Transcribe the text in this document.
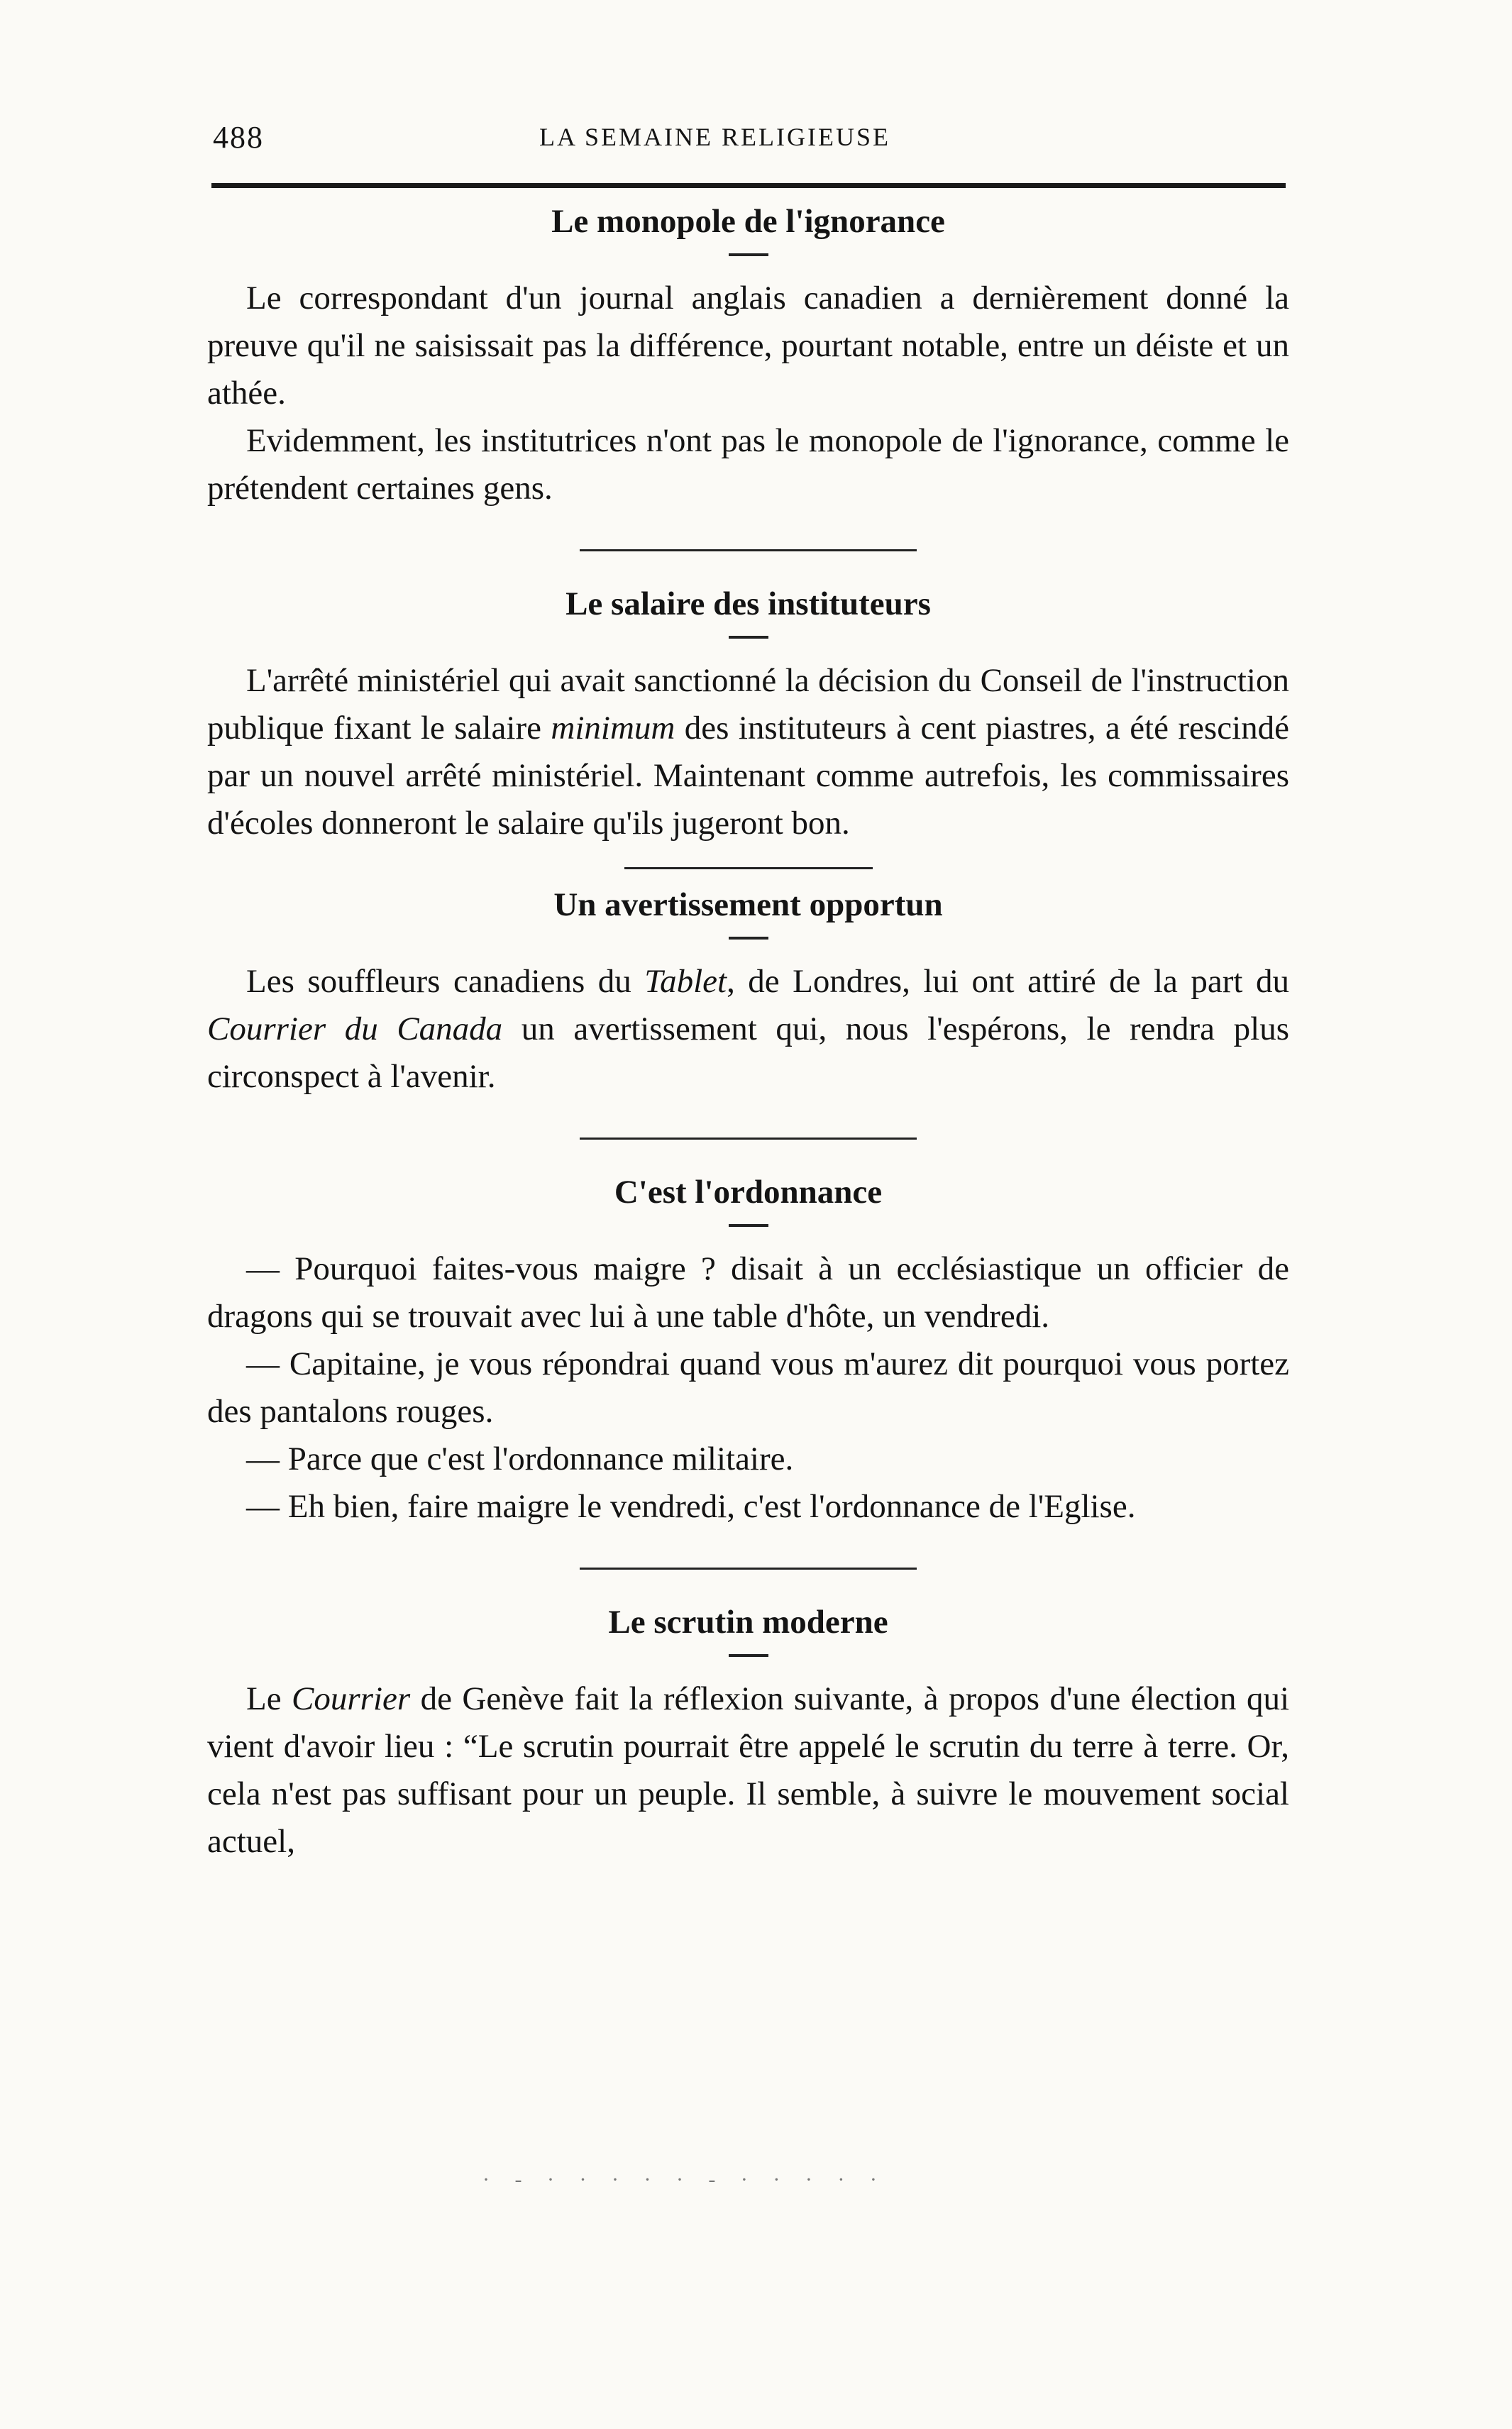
488	LA SEMAINE RELIGIEUSE
Le monopole de l'ignorance

Le correspondant d'un journal anglais canadien a dernièrement donné la preuve qu'il ne saisissait pas la différence, pourtant notable, entre un déiste et un athée.

Evidemment, les institutrices n'ont pas le monopole de l'ignorance, comme le prétendent certaines gens.

Le salaire des instituteurs

L'arrêté ministériel qui avait sanctionné la décision du Conseil de l'instruction publique fixant le salaire minimum des instituteurs à cent piastres, a été rescindé par un nouvel arrêté ministériel. Maintenant comme autrefois, les commissaires d'écoles donneront le salaire qu'ils jugeront bon.

Un avertissement opportun

Les souffleurs canadiens du Tablet, de Londres, lui ont attiré de la part du Courrier du Canada un avertissement qui, nous l'espérons, le rendra plus circonspect à l'avenir.

C'est l'ordonnance

— Pourquoi faites-vous maigre ? disait à un ecclésiastique un officier de dragons qui se trouvait avec lui à une table d'hôte, un vendredi.

— Capitaine, je vous répondrai quand vous m'aurez dit pourquoi vous portez des pantalons rouges.

— Parce que c'est l'ordonnance militaire.

— Eh bien, faire maigre le vendredi, c'est l'ordonnance de l'Eglise.

Le scrutin moderne

Le Courrier de Genève fait la réflexion suivante, à propos d'une élection qui vient d'avoir lieu : “Le scrutin pourrait être appelé le scrutin du terre à terre. Or, cela n'est pas suffisant pour un peuple. Il semble, à suivre le mouvement social actuel,

· - · · · · · - · · · · ·
